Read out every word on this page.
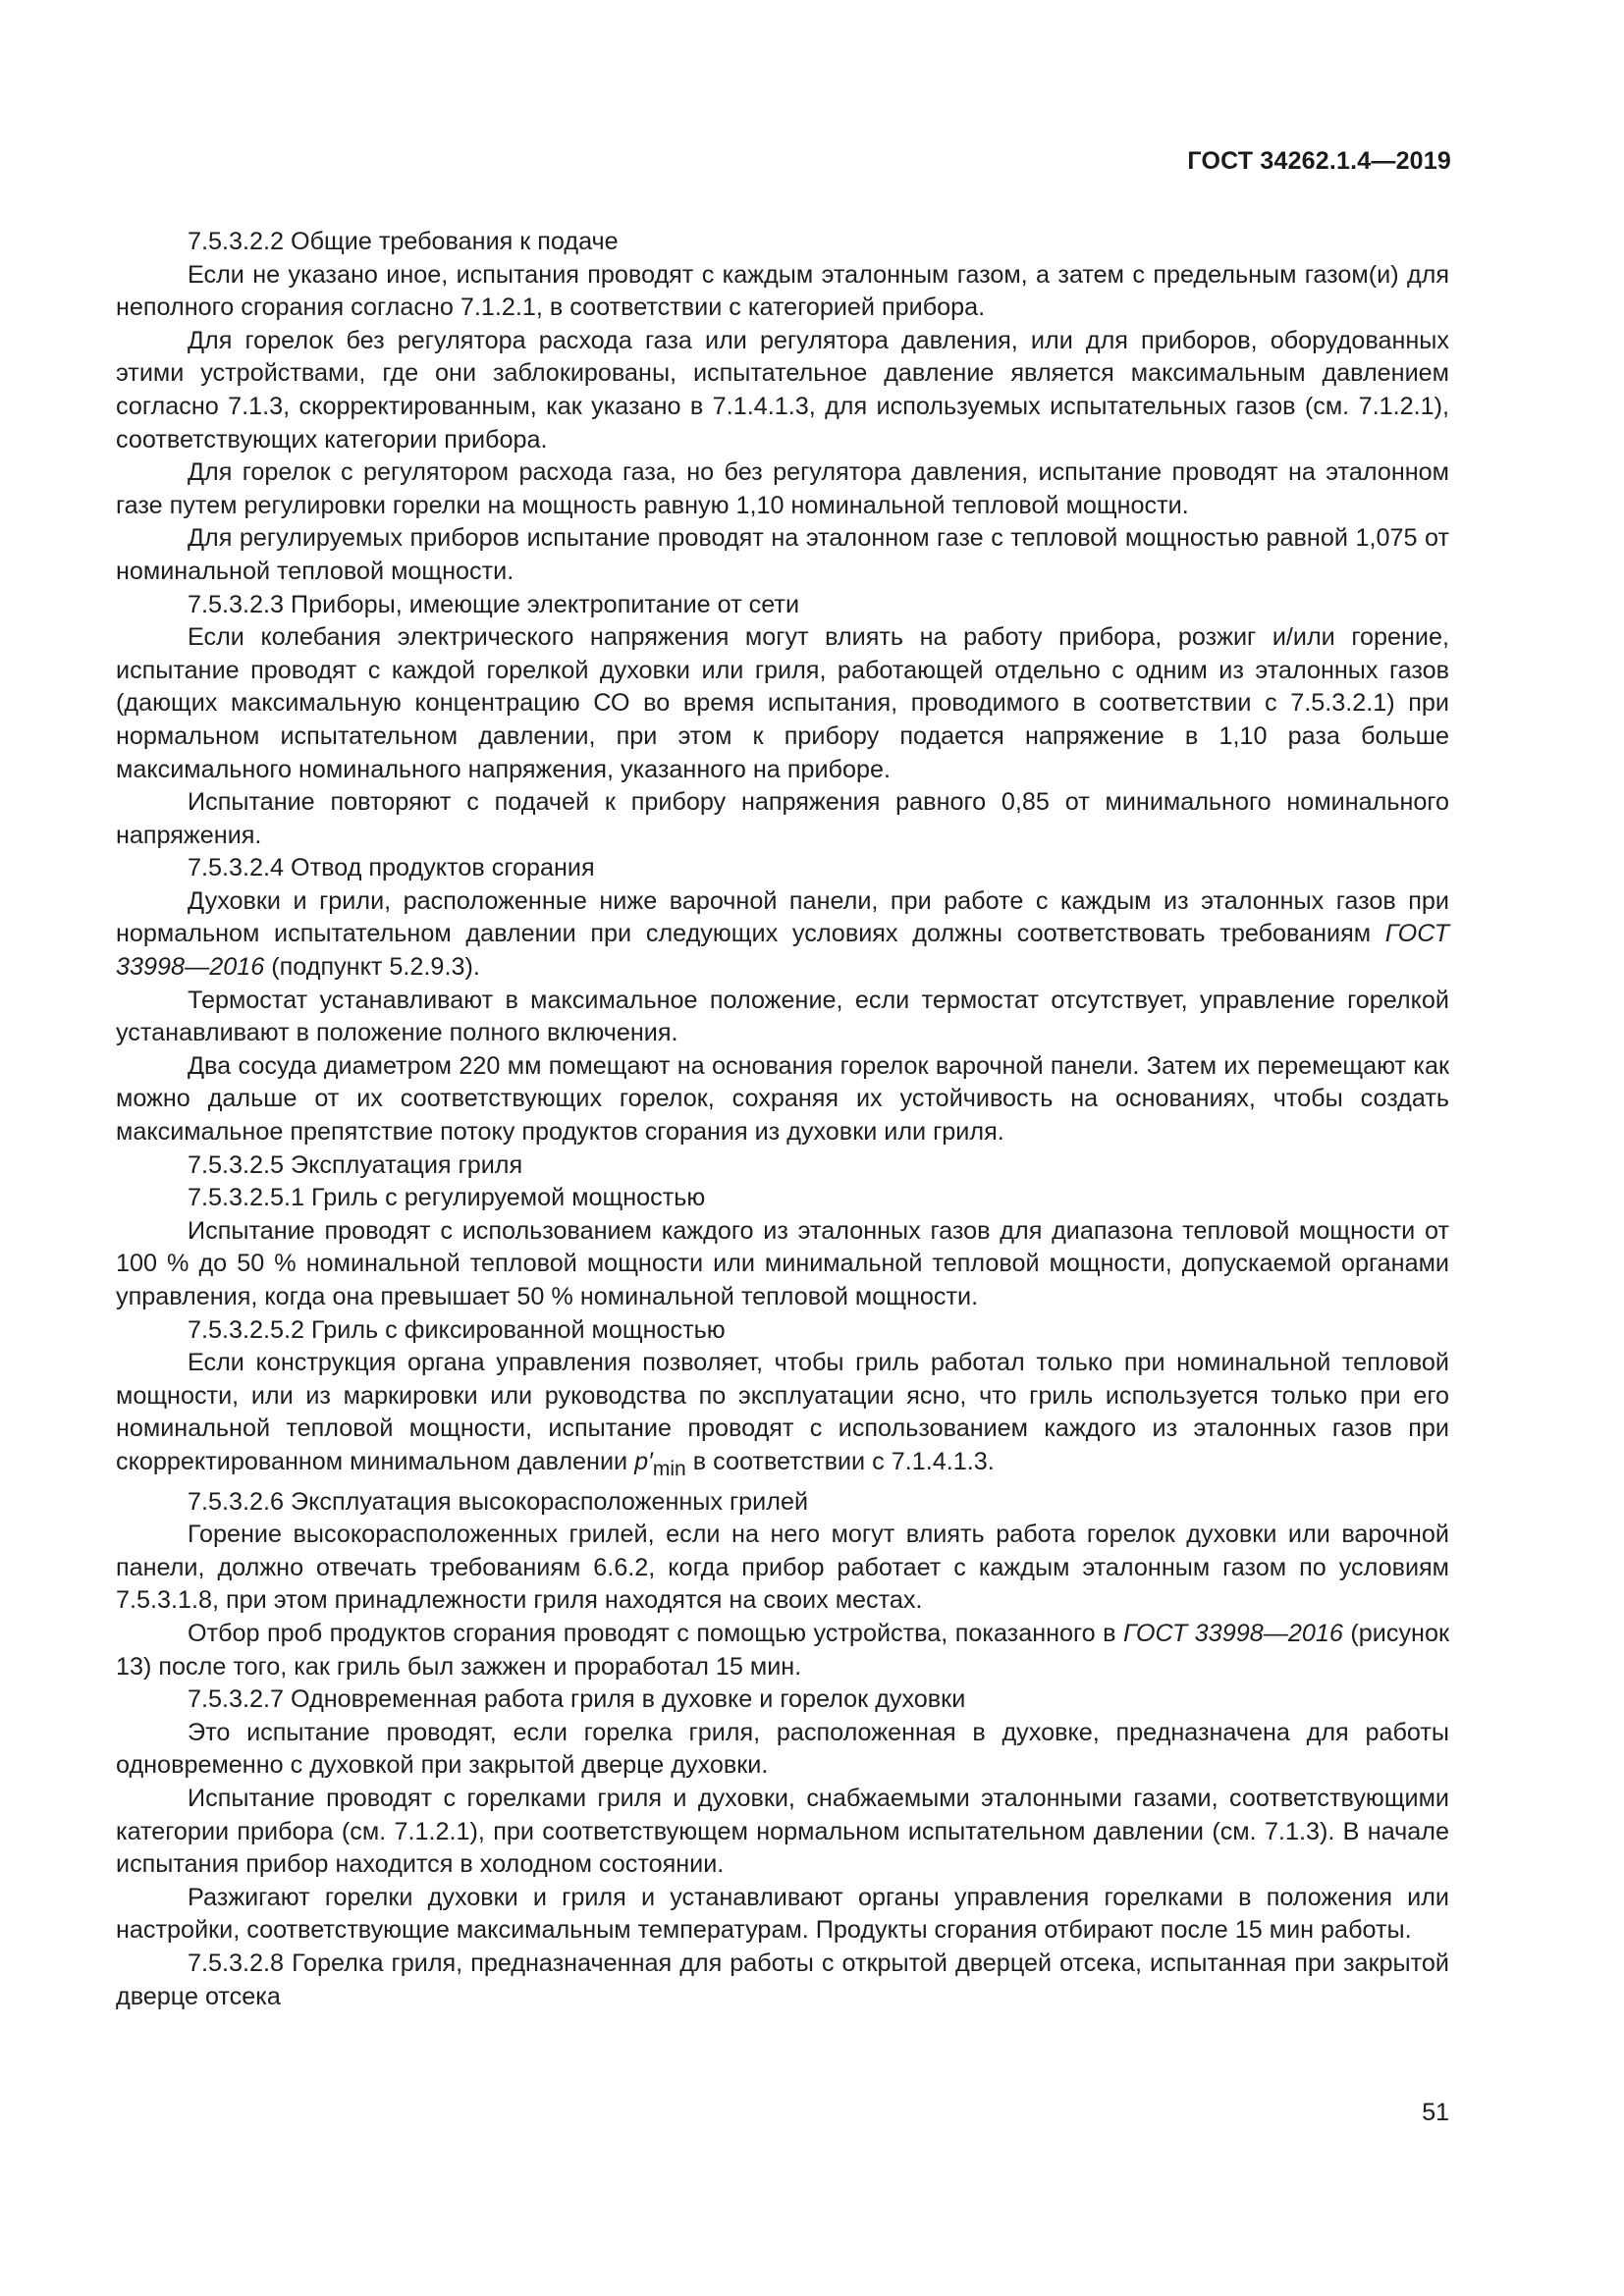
ГОСТ 34262.1.4—2019

7.5.3.2.2 Общие требования к подаче

Если не указано иное, испытания проводят с каждым эталонным газом, а затем с предельным газом(и) для неполного сгорания согласно 7.1.2.1, в соответствии с категорией прибора.

Для горелок без регулятора расхода газа или регулятора давления, или для приборов, оборудованных этими устройствами, где они заблокированы, испытательное давление является максимальным давлением согласно 7.1.3, скорректированным, как указано в 7.1.4.1.3, для используемых испытательных газов (см. 7.1.2.1), соответствующих категории прибора.

Для горелок с регулятором расхода газа, но без регулятора давления, испытание проводят на эталонном газе путем регулировки горелки на мощность равную 1,10 номинальной тепловой мощности.

Для регулируемых приборов испытание проводят на эталонном газе с тепловой мощностью равной 1,075 от номинальной тепловой мощности.

7.5.3.2.3 Приборы, имеющие электропитание от сети

Если колебания электрического напряжения могут влиять на работу прибора, розжиг и/или горение, испытание проводят с каждой горелкой духовки или гриля, работающей отдельно с одним из эталонных газов (дающих максимальную концентрацию СО во время испытания, проводимого в соответствии с 7.5.3.2.1) при нормальном испытательном давлении, при этом к прибору подается напряжение в 1,10 раза больше максимального номинального напряжения, указанного на приборе.

Испытание повторяют с подачей к прибору напряжения равного 0,85 от минимального номинального напряжения.

7.5.3.2.4 Отвод продуктов сгорания

Духовки и грили, расположенные ниже варочной панели, при работе с каждым из эталонных газов при нормальном испытательном давлении при следующих условиях должны соответствовать требованиям ГОСТ 33998—2016 (подпункт 5.2.9.3).

Термостат устанавливают в максимальное положение, если термостат отсутствует, управление горелкой устанавливают в положение полного включения.

Два сосуда диаметром 220 мм помещают на основания горелок варочной панели. Затем их перемещают как можно дальше от их соответствующих горелок, сохраняя их устойчивость на основаниях, чтобы создать максимальное препятствие потоку продуктов сгорания из духовки или гриля.

7.5.3.2.5 Эксплуатация гриля

7.5.3.2.5.1 Гриль с регулируемой мощностью

Испытание проводят с использованием каждого из эталонных газов для диапазона тепловой мощности от 100 % до 50 % номинальной тепловой мощности или минимальной тепловой мощности, допускаемой органами управления, когда она превышает 50 % номинальной тепловой мощности.

7.5.3.2.5.2 Гриль с фиксированной мощностью

Если конструкция органа управления позволяет, чтобы гриль работал только при номинальной тепловой мощности, или из маркировки или руководства по эксплуатации ясно, что гриль используется только при его номинальной тепловой мощности, испытание проводят с использованием каждого из эталонных газов при скорректированном минимальном давлении $p'_{min}$ в соответствии с 7.1.4.1.3.

7.5.3.2.6 Эксплуатация высокорасположенных грилей

Горение высокорасположенных грилей, если на него могут влиять работа горелок духовки или варочной панели, должно отвечать требованиям 6.6.2, когда прибор работает с каждым эталонным газом по условиям 7.5.3.1.8, при этом принадлежности гриля находятся на своих местах.

Отбор проб продуктов сгорания проводят с помощью устройства, показанного в ГОСТ 33998—2016 (рисунок 13) после того, как гриль был зажжен и проработал 15 мин.

7.5.3.2.7 Одновременная работа гриля в духовке и горелок духовки

Это испытание проводят, если горелка гриля, расположенная в духовке, предназначена для работы одновременно с духовкой при закрытой дверце духовки.

Испытание проводят с горелками гриля и духовки, снабжаемыми эталонными газами, соответствующими категории прибора (см. 7.1.2.1), при соответствующем нормальном испытательном давлении (см. 7.1.3). В начале испытания прибор находится в холодном состоянии.

Разжигают горелки духовки и гриля и устанавливают органы управления горелками в положения или настройки, соответствующие максимальным температурам. Продукты сгорания отбирают после 15 мин работы.

7.5.3.2.8 Горелка гриля, предназначенная для работы с открытой дверцей отсека, испытанная при закрытой дверце отсека

51
